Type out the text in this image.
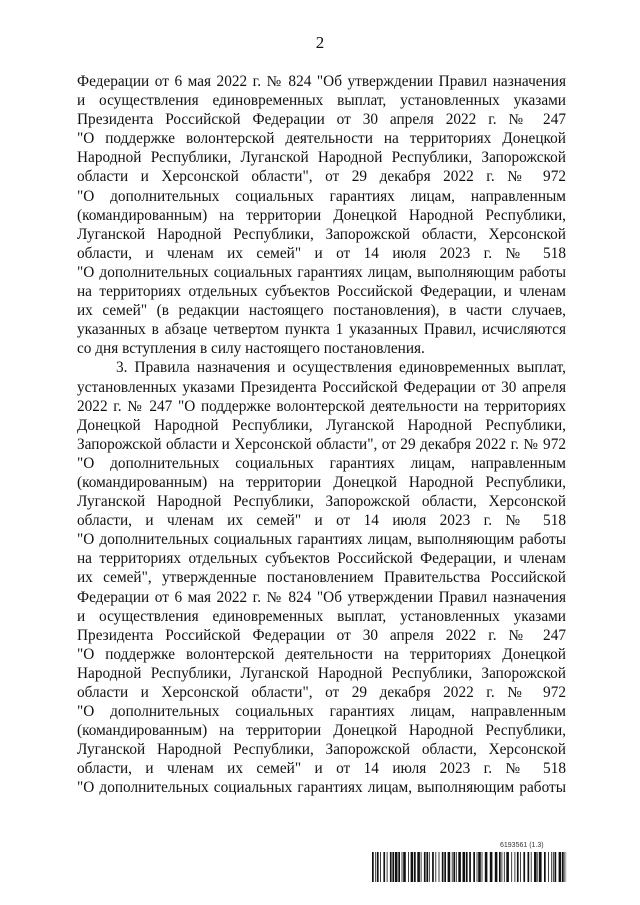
2
Федерации от 6 мая 2022 г. № 824 "Об утверждении Правил назначения
и осуществления единовременных выплат, установленных указами
Президента Российской Федерации от 30 апреля 2022 г. № 247
"О поддержке волонтерской деятельности на территориях Донецкой
Народной Республики, Луганской Народной Республики, Запорожской
области и Херсонской области", от 29 декабря 2022 г. № 972
"О дополнительных социальных гарантиях лицам, направленным
(командированным) на территории Донецкой Народной Республики,
Луганской Народной Республики, Запорожской области, Херсонской
области, и членам их семей" и от 14 июля 2023 г. № 518
"О дополнительных социальных гарантиях лицам, выполняющим работы
на территориях отдельных субъектов Российской Федерации, и членам
их семей" (в редакции настоящего постановления), в части случаев,
указанных в абзаце четвертом пункта 1 указанных Правил, исчисляются
со дня вступления в силу настоящего постановления.
3. Правила назначения и осуществления единовременных выплат,
установленных указами Президента Российской Федерации от 30 апреля
2022 г. № 247 "О поддержке волонтерской деятельности на территориях
Донецкой Народной Республики, Луганской Народной Республики,
Запорожской области и Херсонской области", от 29 декабря 2022 г. № 972
"О дополнительных социальных гарантиях лицам, направленным
(командированным) на территории Донецкой Народной Республики,
Луганской Народной Республики, Запорожской области, Херсонской
области, и членам их семей" и от 14 июля 2023 г. № 518
"О дополнительных социальных гарантиях лицам, выполняющим работы
на территориях отдельных субъектов Российской Федерации, и членам
их семей", утвержденные постановлением Правительства Российской
Федерации от 6 мая 2022 г. № 824 "Об утверждении Правил назначения
и осуществления единовременных выплат, установленных указами
Президента Российской Федерации от 30 апреля 2022 г. № 247
"О поддержке волонтерской деятельности на территориях Донецкой
Народной Республики, Луганской Народной Республики, Запорожской
области и Херсонской области", от 29 декабря 2022 г. № 972
"О дополнительных социальных гарантиях лицам, направленным
(командированным) на территории Донецкой Народной Республики,
Луганской Народной Республики, Запорожской области, Херсонской
области, и членам их семей" и от 14 июля 2023 г. № 518
"О дополнительных социальных гарантиях лицам, выполняющим работы
6193561 (1.3)
